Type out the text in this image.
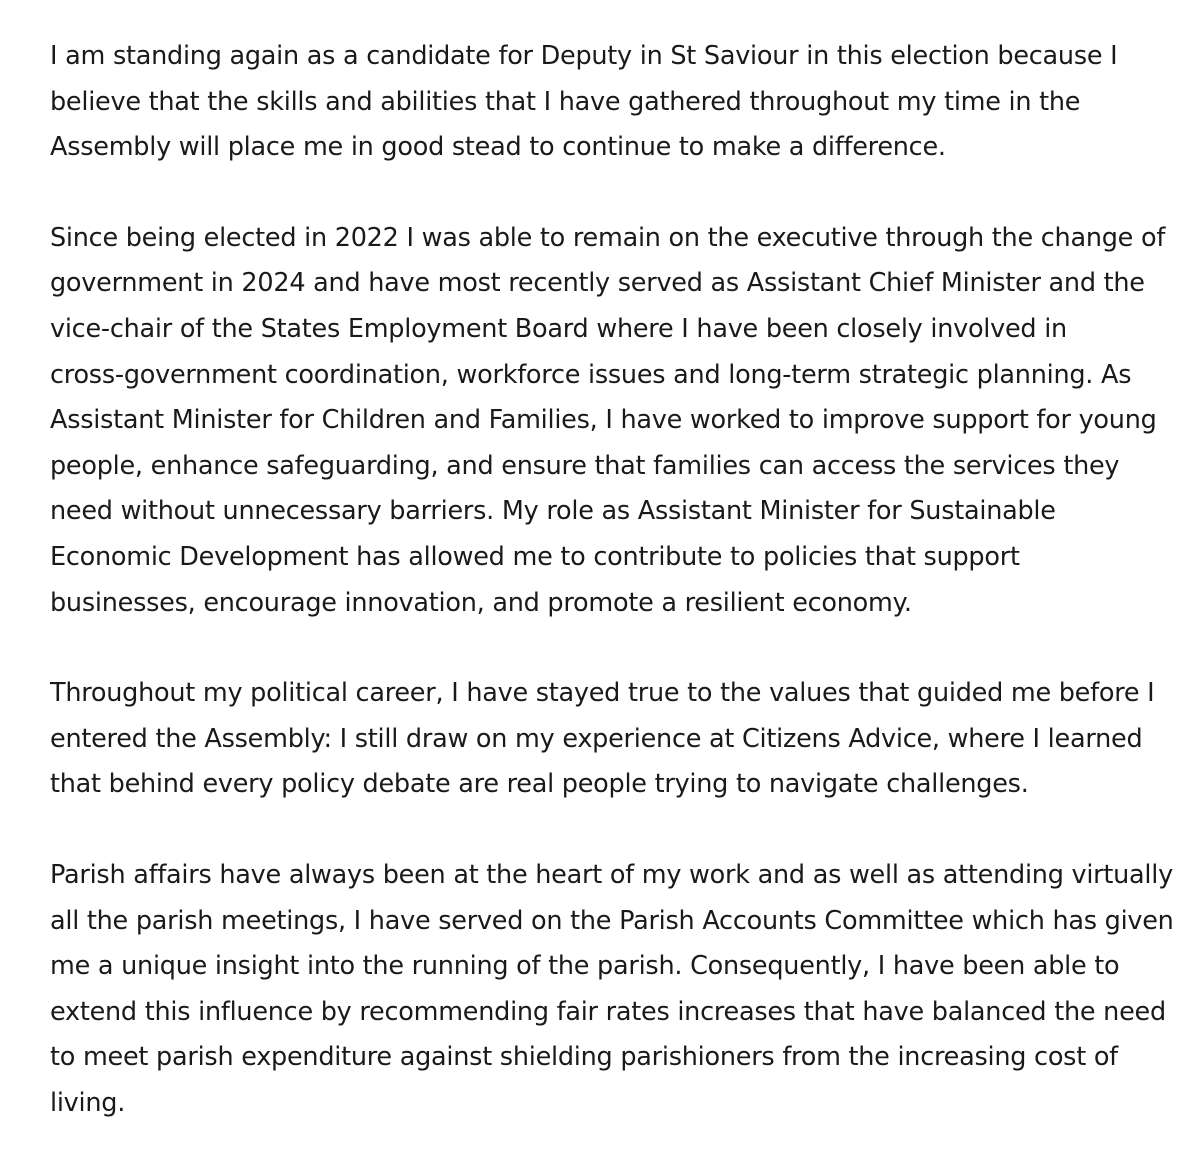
I am standing again as a candidate for Deputy in St Saviour in this election because I
believe that the skills and abilities that I have gathered throughout my time in the
Assembly will place me in good stead to continue to make a difference.
Since being elected in 2022 I was able to remain on the executive through the change of
government in 2024 and have most recently served as Assistant Chief Minister and the
vice-chair of the States Employment Board where I have been closely involved in
cross-government coordination, workforce issues and long-term strategic planning. As
Assistant Minister for Children and Families, I have worked to improve support for young
people, enhance safeguarding, and ensure that families can access the services they
need without unnecessary barriers. My role as Assistant Minister for Sustainable
Economic Development has allowed me to contribute to policies that support
businesses, encourage innovation, and promote a resilient economy.
Throughout my political career, I have stayed true to the values that guided me before I
entered the Assembly: I still draw on my experience at Citizens Advice, where I learned
that behind every policy debate are real people trying to navigate challenges.
Parish affairs have always been at the heart of my work and as well as attending virtually
all the parish meetings, I have served on the Parish Accounts Committee which has given
me a unique insight into the running of the parish. Consequently, I have been able to
extend this influence by recommending fair rates increases that have balanced the need
to meet parish expenditure against shielding parishioners from the increasing cost of
living.
